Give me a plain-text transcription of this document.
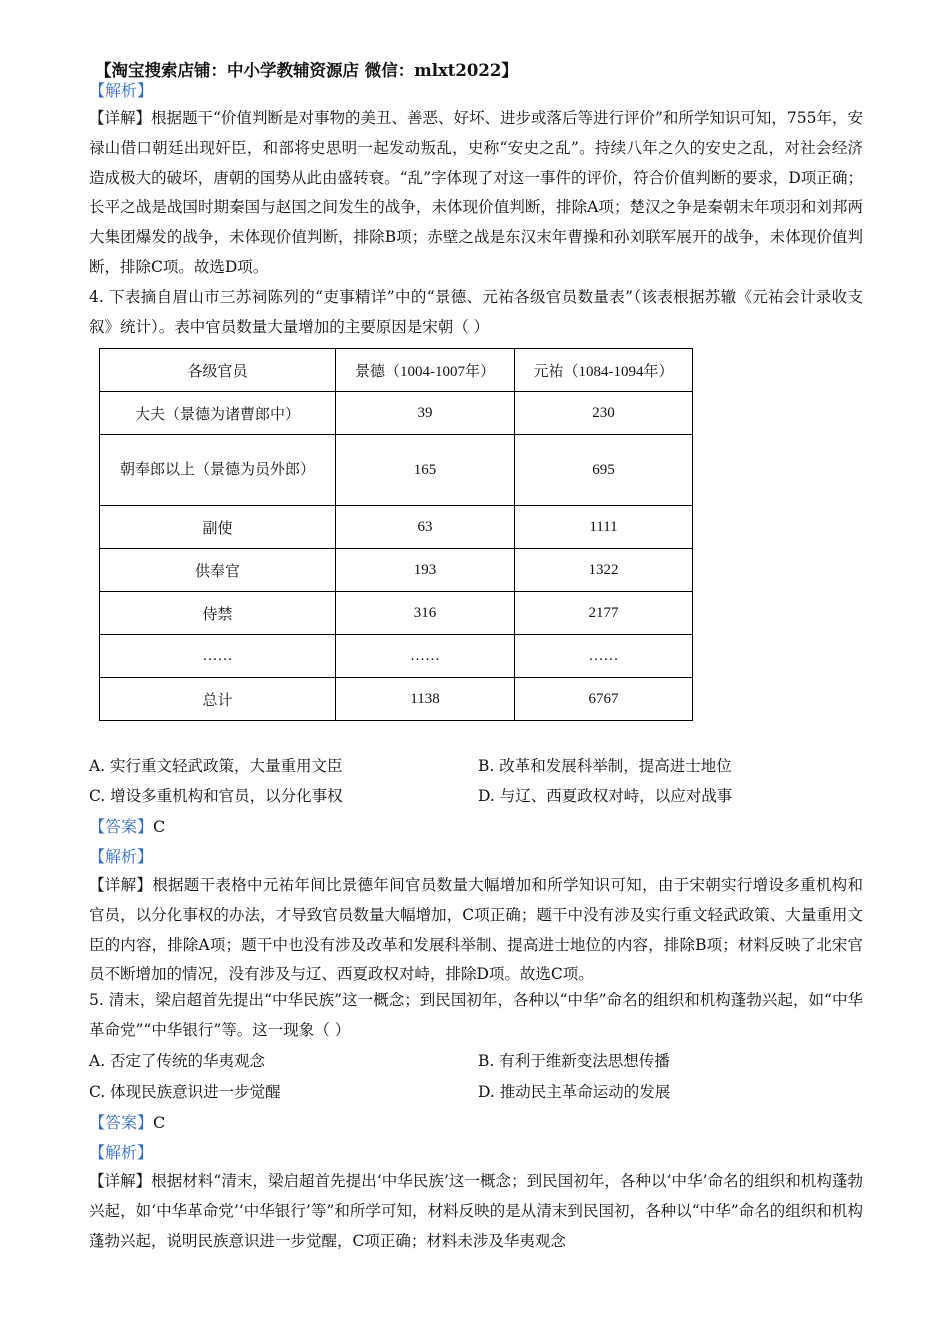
【淘宝搜索店铺：中小学教辅资源店 微信：mlxt2022】
【解析】
【详解】根据题干“价值判断是对事物的美丑、善恶、好坏、进步或落后等进行评价”和所学知识可知，755年，安禄山借口朝廷出现奸臣，和部将史思明一起发动叛乱，史称“安史之乱”。持续八年之久的安史之乱，对社会经济造成极大的破坏，唐朝的国势从此由盛转衰。“乱”字体现了对这一事件的评价，符合价值判断的要求，D项正确；长平之战是战国时期秦国与赵国之间发生的战争，未体现价值判断，排除A项；楚汉之争是秦朝末年项羽和刘邦两大集团爆发的战争，未体现价值判断，排除B项；赤壁之战是东汉末年曹操和孙刘联军展开的战争，未体现价值判断，排除C项。故选D项。
4. 下表摘自眉山市三苏祠陈列的“吏事精详”中的“景德、元祐各级官员数量表”（该表根据苏辙《元祐会计录收支叙》统计）。表中官员数量大量增加的主要原因是宋朝（ ）
各级官员	景德（1004-1007年）	元祐（1084-1094年）
大夫（景德为诸曹郎中）	39	230
朝奉郎以上（景德为员外郎）	165	695
副使	63	1111
供奉官	193	1322
侍禁	316	2177
……	……	……
总计	1138	6767
A. 实行重文轻武政策，大量重用文臣	B. 改革和发展科举制，提高进士地位
C. 增设多重机构和官员，以分化事权	D. 与辽、西夏政权对峙，以应对战事
【答案】C
【解析】
【详解】根据题干表格中元祐年间比景德年间官员数量大幅增加和所学知识可知，由于宋朝实行增设多重机构和官员，以分化事权的办法，才导致官员数量大幅增加，C项正确；题干中没有涉及实行重文轻武政策、大量重用文臣的内容，排除A项；题干中也没有涉及改革和发展科举制、提高进士地位的内容，排除B项；材料反映了北宋官员不断增加的情况，没有涉及与辽、西夏政权对峙，排除D项。故选C项。
5. 清末，梁启超首先提出“中华民族”这一概念；到民国初年，各种以“中华”命名的组织和机构蓬勃兴起，如“中华革命党”“中华银行”等。这一现象（ ）
A. 否定了传统的华夷观念	B. 有利于维新变法思想传播
C. 体现民族意识进一步觉醒	D. 推动民主革命运动的发展
【答案】C
【解析】
【详解】根据材料“清末，梁启超首先提出‘中华民族’这一概念；到民国初年，各种以‘中华’命名的组织和机构蓬勃兴起，如‘中华革命党’‘中华银行’等”和所学可知，材料反映的是从清末到民国初，各种以“中华”命名的组织和机构蓬勃兴起，说明民族意识进一步觉醒，C项正确；材料未涉及华夷观念
